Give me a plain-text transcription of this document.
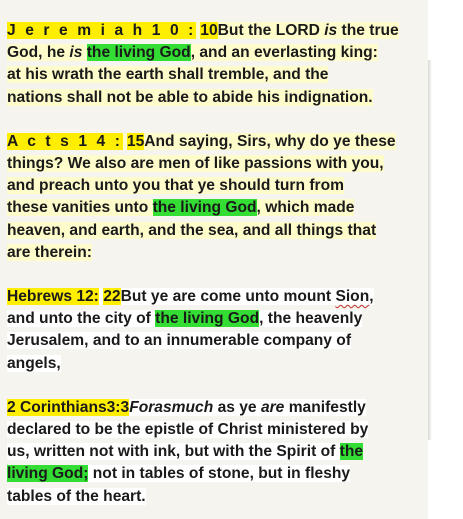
J e r e m i a h 1 0 : 10But the LORD is the true
God, he is the living God, and an everlasting king:
at his wrath the earth shall tremble, and the
nations shall not be able to abide his indignation.
A c t s 1 4 : 15And saying, Sirs, why do ye these
things? We also are men of like passions with you,
and preach unto you that ye should turn from
these vanities unto the living God, which made
heaven, and earth, and the sea, and all things that
are therein:
Hebrews 12: 22But ye are come unto mount Sion,
and unto the city of the living God, the heavenly
Jerusalem, and to an innumerable company of
angels,
2 Corinthians3:3Forasmuch as ye are manifestly
declared to be the epistle of Christ ministered by
us, written not with ink, but with the Spirit of the
living God; not in tables of stone, but in fleshy
tables of the heart.
